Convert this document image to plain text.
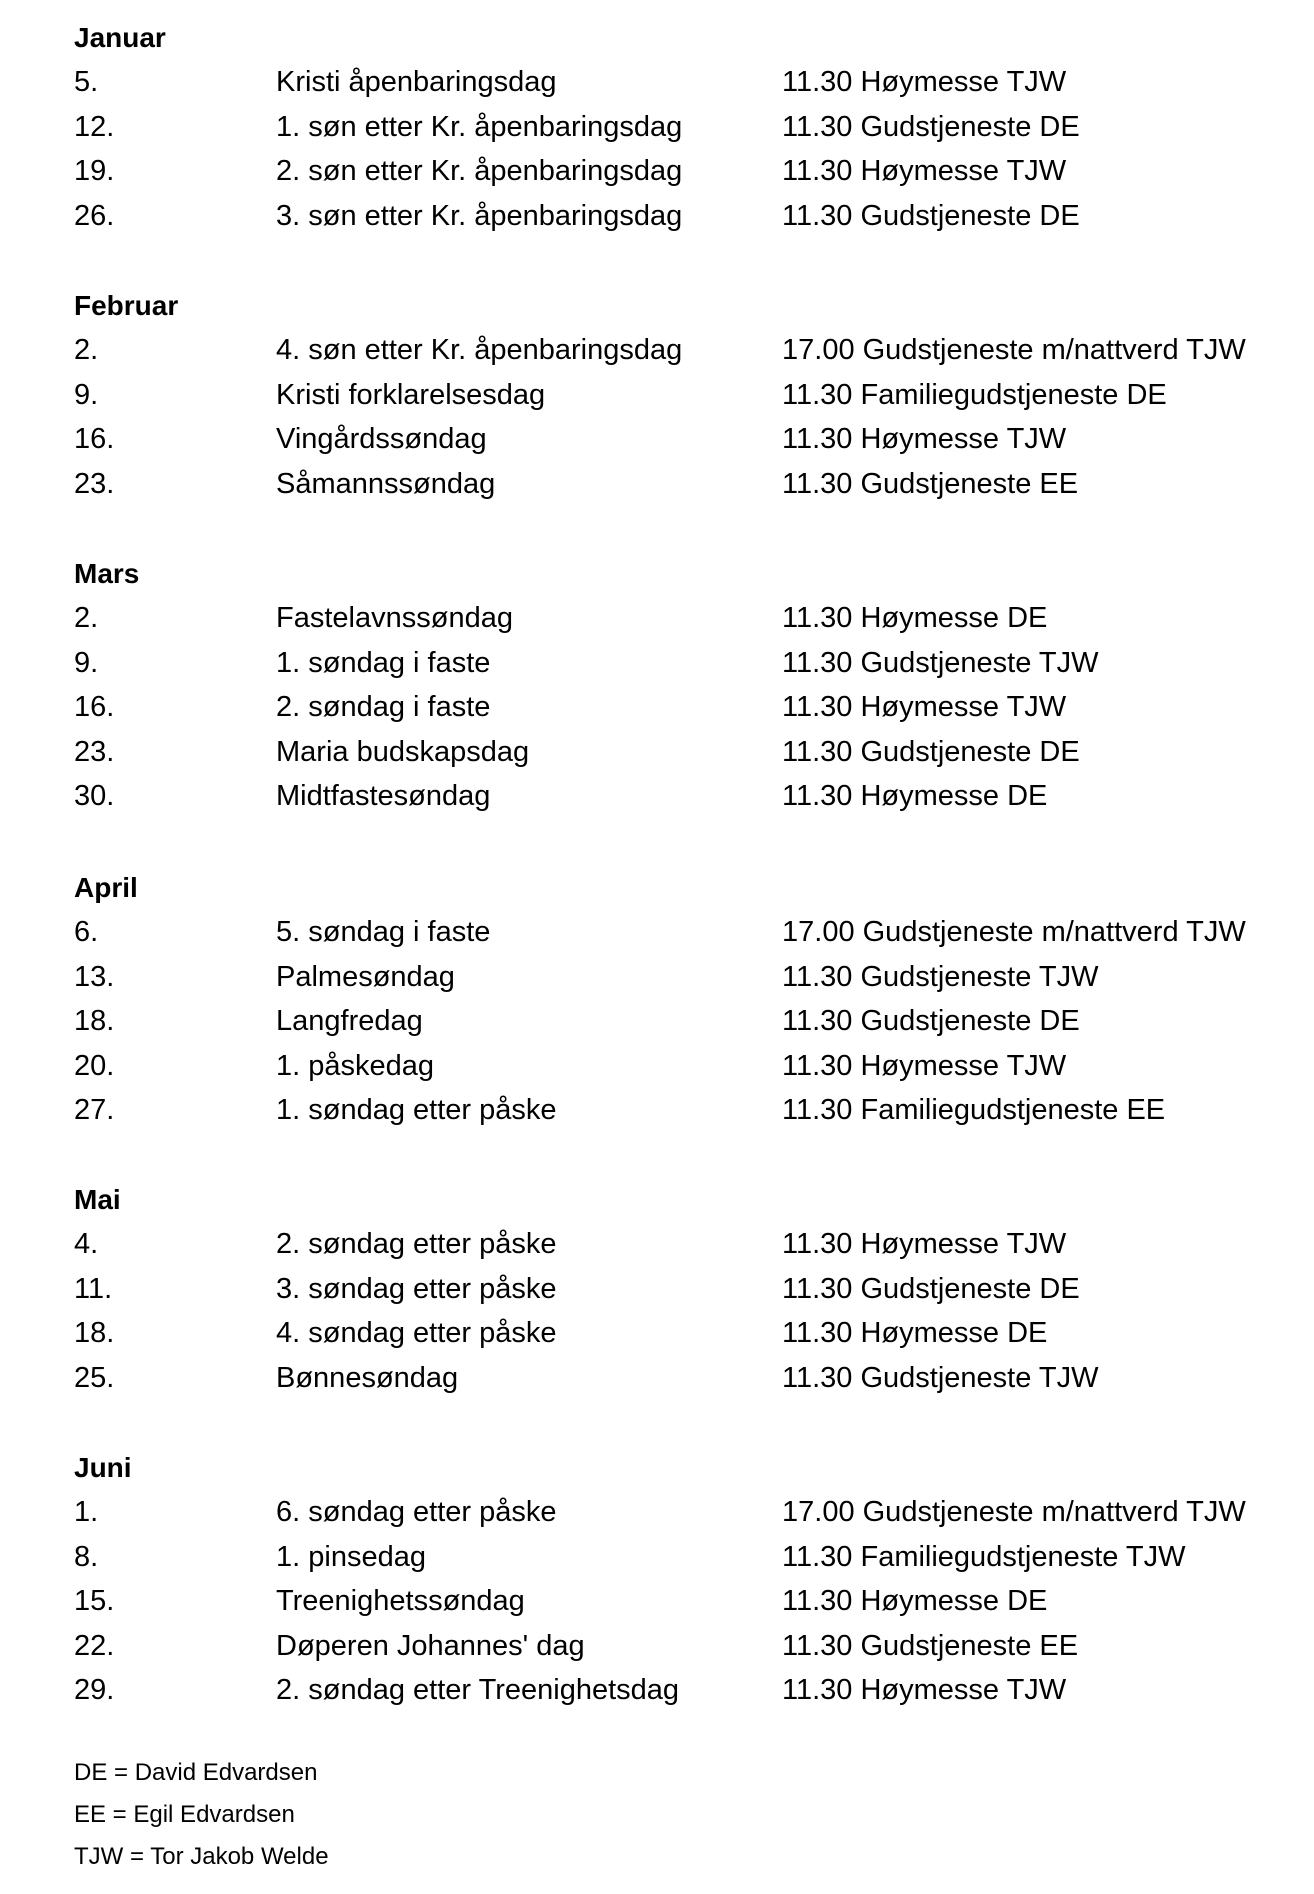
Januar
5.	Kristi åpenbaringsdag	11.30 Høymesse TJW
12.	1. søn etter Kr. åpenbaringsdag	11.30 Gudstjeneste DE
19.	2. søn etter Kr. åpenbaringsdag	11.30 Høymesse TJW
26.	3. søn etter Kr. åpenbaringsdag	11.30 Gudstjeneste DE
Februar
2.	4. søn etter Kr. åpenbaringsdag	17.00 Gudstjeneste m/nattverd TJW
9.	Kristi forklarelsesdag	11.30 Familiegudstjeneste DE
16.	Vingårdssøndag	11.30 Høymesse TJW
23.	Såmannssøndag	11.30 Gudstjeneste EE
Mars
2.	Fastelavnssøndag	11.30 Høymesse DE
9.	1. søndag i faste	11.30 Gudstjeneste TJW
16.	2. søndag i faste	11.30 Høymesse TJW
23.	Maria budskapsdag	11.30 Gudstjeneste DE
30.	Midtfastesøndag	11.30 Høymesse DE
April
6.	5. søndag i faste	17.00 Gudstjeneste m/nattverd TJW
13.	Palmesøndag	11.30 Gudstjeneste TJW
18.	Langfredag	11.30 Gudstjeneste DE
20.	1. påskedag	11.30 Høymesse TJW
27.	1. søndag etter påske	11.30 Familiegudstjeneste EE
Mai
4.	2. søndag etter påske	11.30 Høymesse TJW
11.	3. søndag etter påske	11.30 Gudstjeneste DE
18.	4. søndag etter påske	11.30 Høymesse DE
25.	Bønnesøndag	11.30 Gudstjeneste TJW
Juni
1.	6. søndag etter påske	17.00 Gudstjeneste m/nattverd TJW
8.	1. pinsedag	11.30 Familiegudstjeneste TJW
15.	Treenighetssøndag	11.30 Høymesse DE
22.	Døperen Johannes' dag	11.30 Gudstjeneste EE
29.	2. søndag etter Treenighetsdag	11.30 Høymesse TJW
DE = David Edvardsen
EE = Egil Edvardsen
TJW = Tor Jakob Welde
